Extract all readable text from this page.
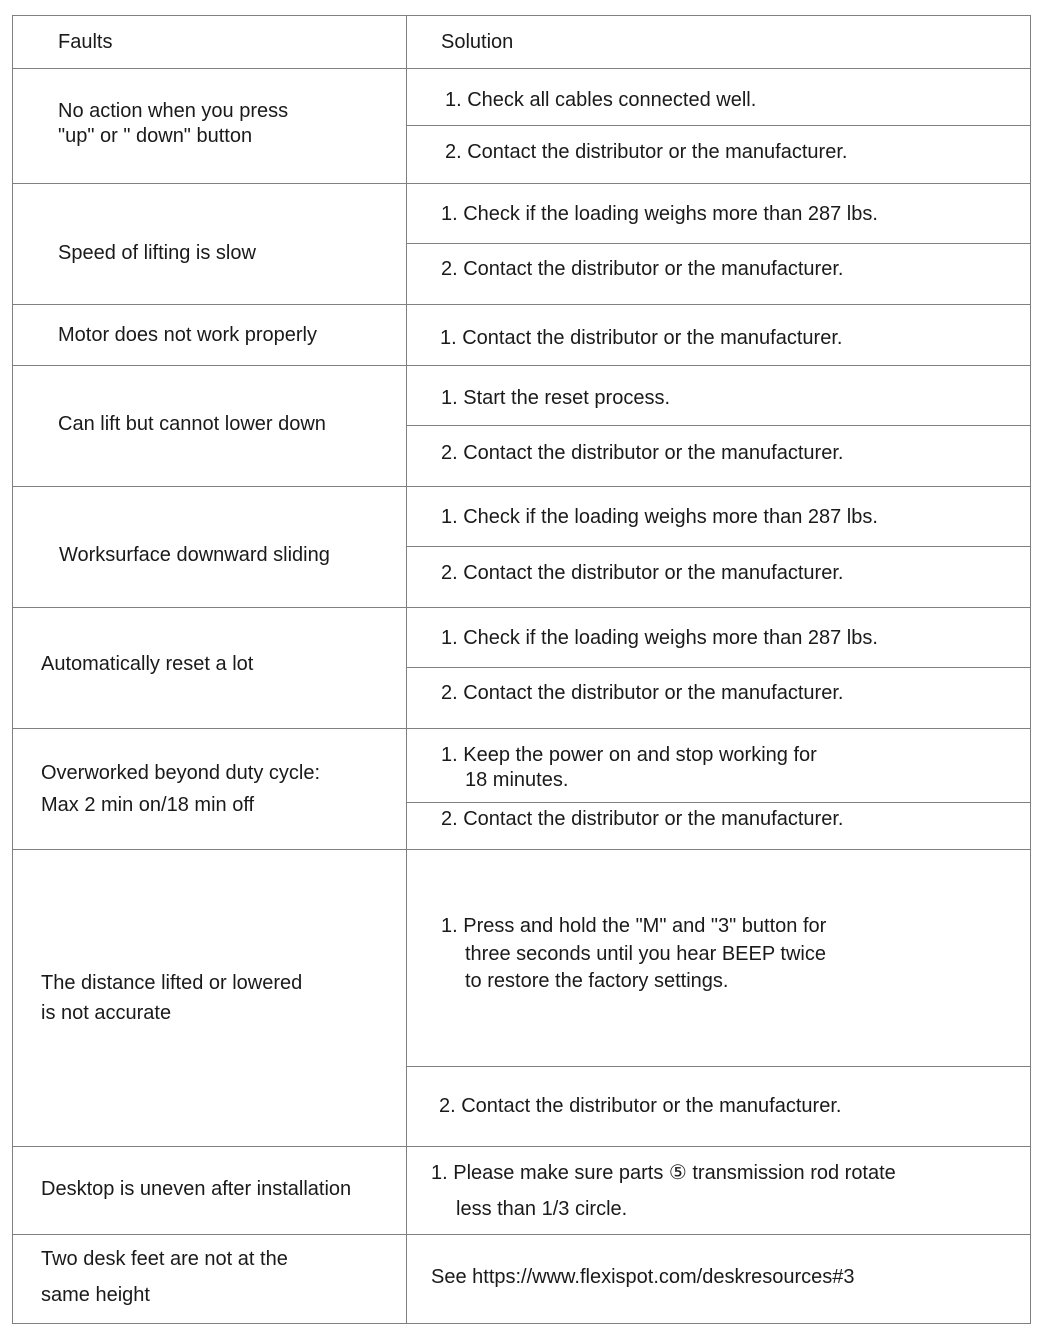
Faults	Solution
No action when you press
"up" or " down" button
1. Check all cables connected well.
2. Contact the distributor or the manufacturer.
Speed of lifting is slow
1. Check if the loading weighs more than 287 lbs.
2. Contact the distributor or the manufacturer.
Motor does not work properly	1. Contact the distributor or the manufacturer.
Can lift but cannot lower down
1. Start the reset process.
2. Contact the distributor or the manufacturer.
Worksurface downward sliding
1. Check if the loading weighs more than 287 lbs.
2. Contact the distributor or the manufacturer.
Automatically reset a lot
1. Check if the loading weighs more than 287 lbs.
2. Contact the distributor or the manufacturer.
Overworked beyond duty cycle:
Max 2 min on/18 min off
1. Keep the power on and stop working for
18 minutes.
2. Contact the distributor or the manufacturer.
The distance lifted or lowered
is not accurate
1. Press and hold the "M" and "3" button for
three seconds until you hear BEEP twice
to restore the factory settings.
2. Contact the distributor or the manufacturer.
Desktop is uneven after installation
1. Please make sure parts ⑤ transmission rod rotate
less than 1/3 circle.
Two desk feet are not at the
same height
See https://www.flexispot.com/deskresources#3
